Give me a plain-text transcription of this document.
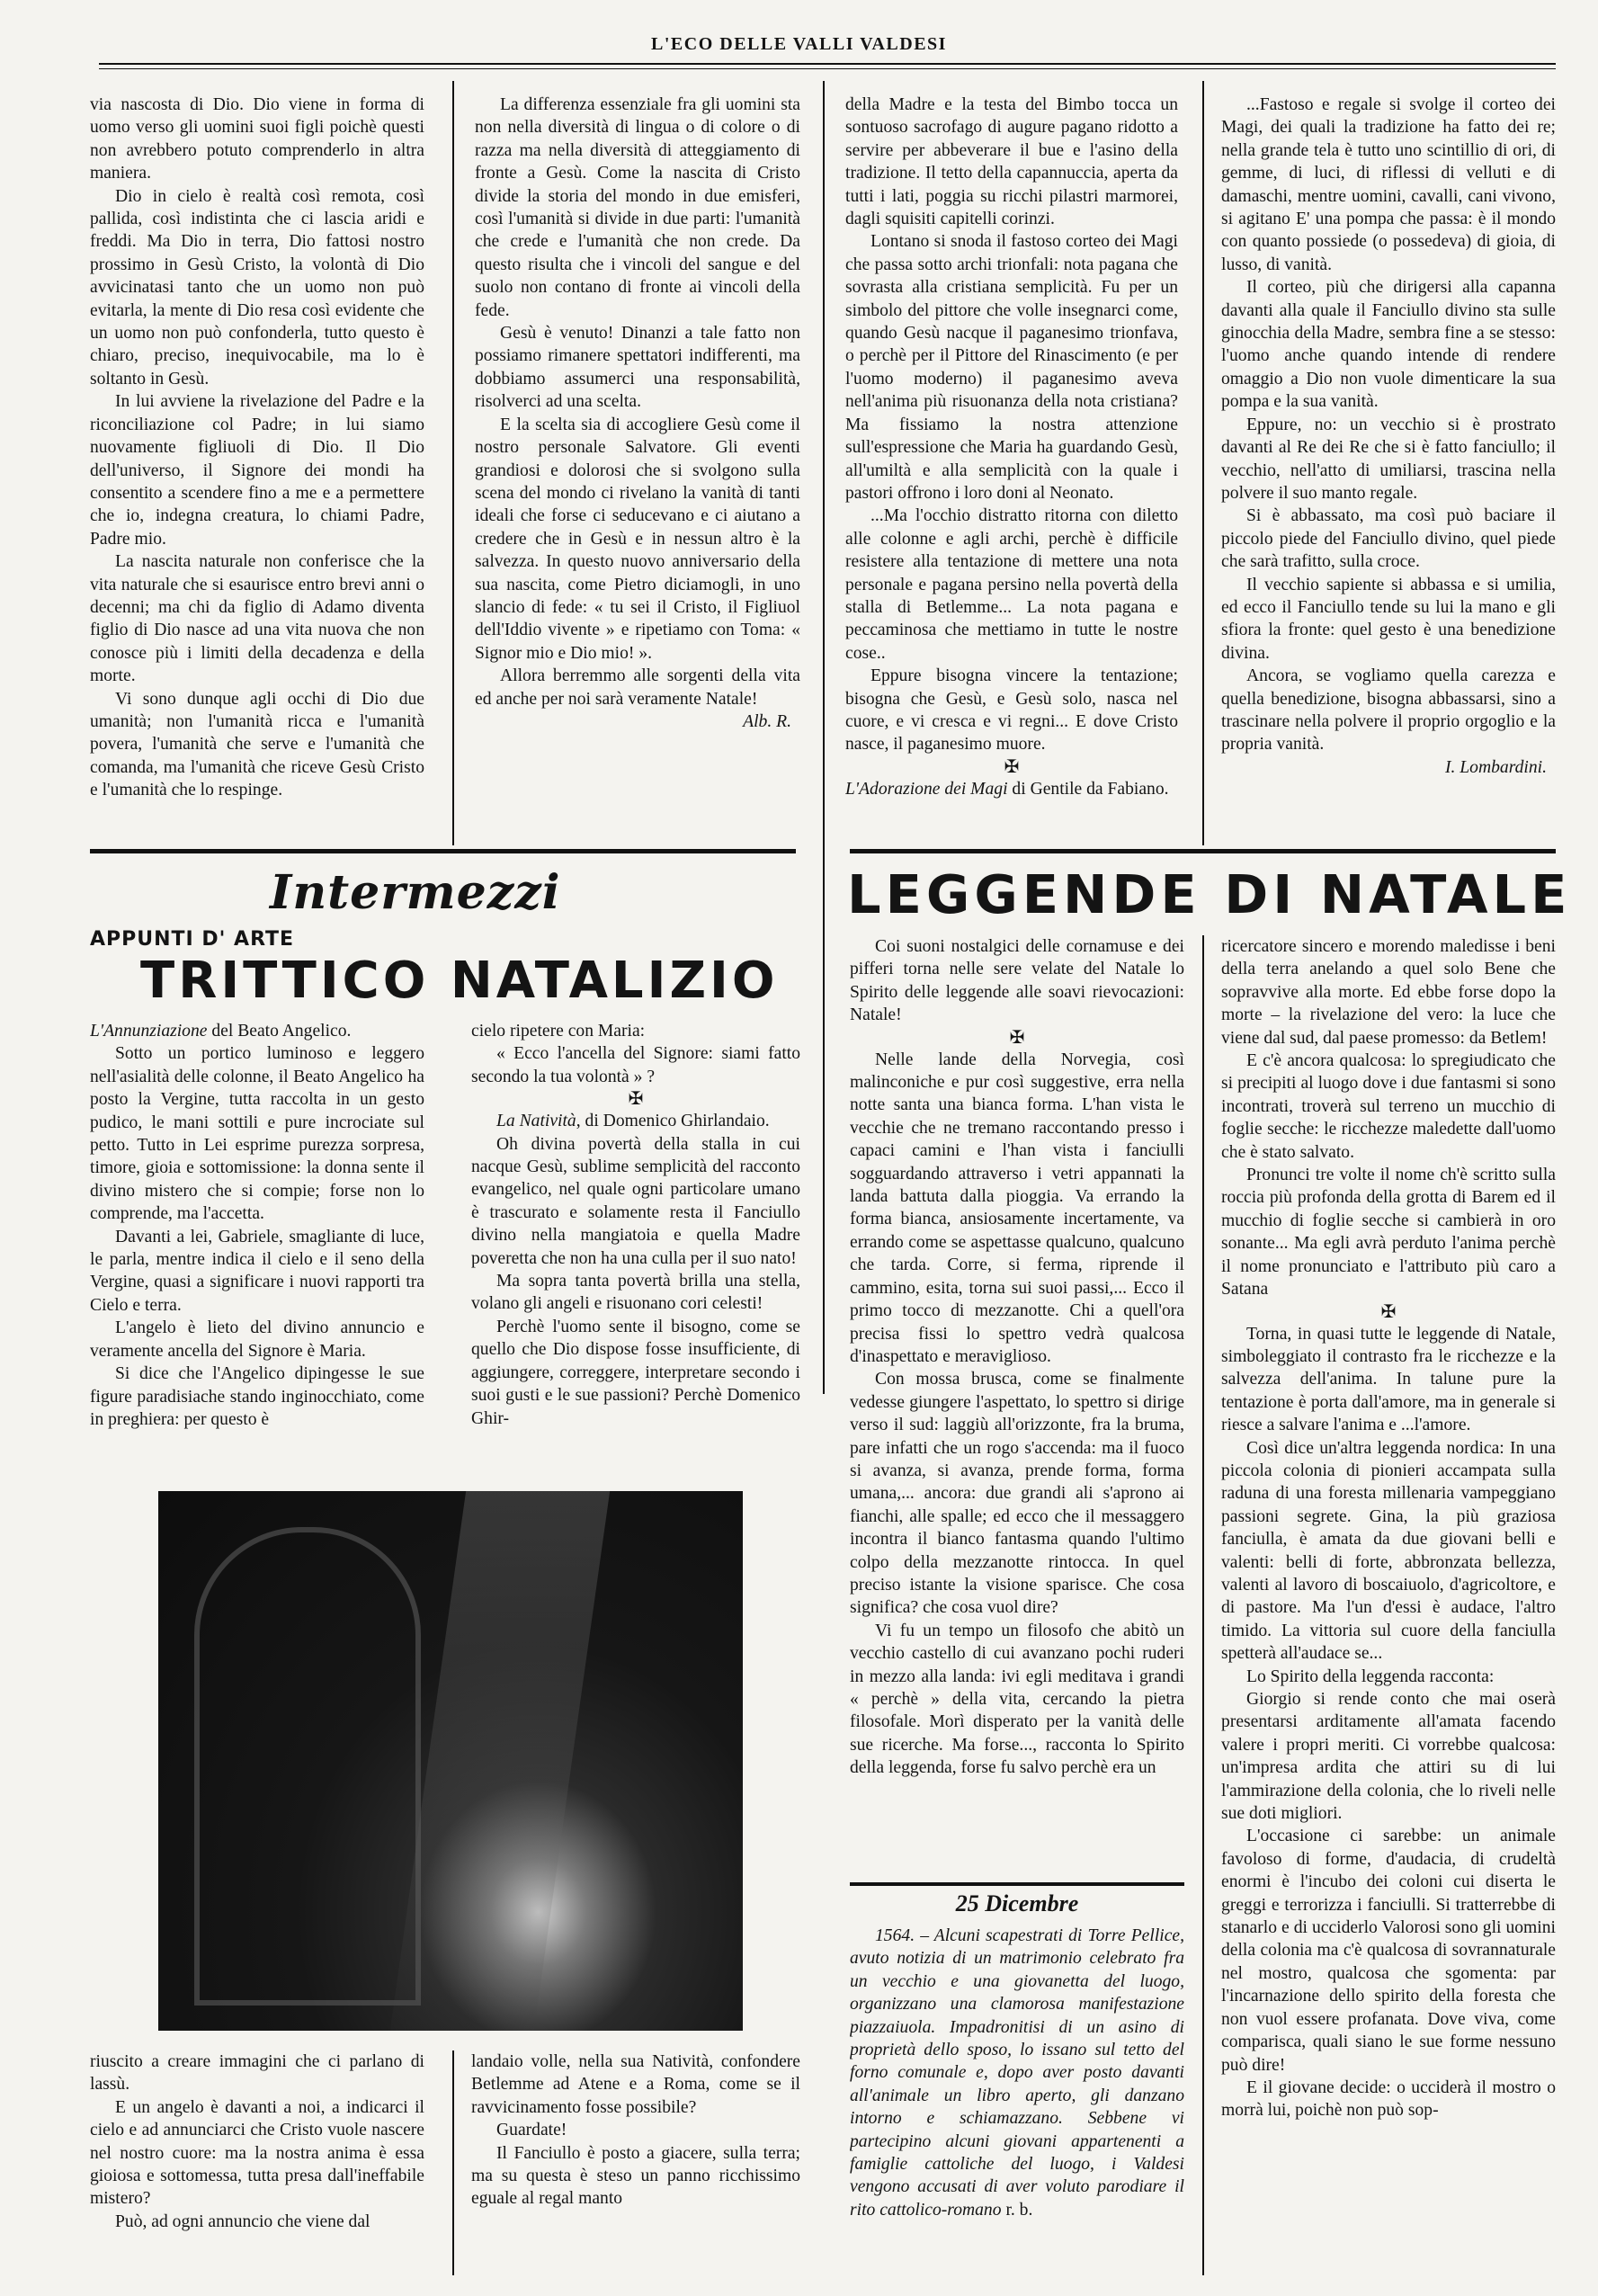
L'ECO DELLE VALLI VALDESI

via nascosta di Dio. Dio viene in forma di uomo verso gli uomini suoi figli poichè questi non avrebbero potuto comprenderlo in altra maniera.

Dio in cielo è realtà così remota, così pallida, così indistinta che ci lascia aridi e freddi. Ma Dio in terra, Dio fattosi nostro prossimo in Gesù Cristo, la volontà di Dio avvicinatasi tanto che un uomo non può evitarla, la mente di Dio resa così evidente che un uomo non può confonderla, tutto questo è chiaro, preciso, inequivocabile, ma lo è soltanto in Gesù.

In lui avviene la rivelazione del Padre e la riconciliazione col Padre; in lui siamo nuovamente figliuoli di Dio. Il Dio dell'universo, il Signore dei mondi ha consentito a scendere fino a me e a permettere che io, indegna creatura, lo chiami Padre, Padre mio.

La nascita naturale non conferisce che la vita naturale che si esaurisce entro brevi anni o decenni; ma chi da figlio di Adamo diventa figlio di Dio nasce ad una vita nuova che non conosce più i limiti della decadenza e della morte.

Vi sono dunque agli occhi di Dio due umanità; non l'umanità ricca e l'umanità povera, l'umanità che serve e l'umanità che comanda, ma l'umanità che riceve Gesù Cristo e l'umanità che lo respinge.

La differenza essenziale fra gli uomini sta non nella diversità di lingua o di colore o di razza ma nella diversità di atteggiamento di fronte a Gesù. Come la nascita di Cristo divide la storia del mondo in due emisferi, così l'umanità si divide in due parti: l'umanità che crede e l'umanità che non crede. Da questo risulta che i vincoli del sangue e del suolo non contano di fronte ai vincoli della fede.

Gesù è venuto! Dinanzi a tale fatto non possiamo rimanere spettatori indifferenti, ma dobbiamo assumerci una responsabilità, risolverci ad una scelta.

E la scelta sia di accogliere Gesù come il nostro personale Salvatore. Gli eventi grandiosi e dolorosi che si svolgono sulla scena del mondo ci rivelano la vanità di tanti ideali che forse ci seducevano e ci aiutano a credere che in Gesù e in nessun altro è la salvezza. In questo nuovo anniversario della sua nascita, come Pietro diciamogli, in uno slancio di fede: « tu sei il Cristo, il Figliuol dell'Iddio vivente » e ripetiamo con Toma: « Signor mio e Dio mio! ».

Allora berremmo alle sorgenti della vita ed anche per noi sarà veramente Natale!

Alb. R.

della Madre e la testa del Bimbo tocca un sontuoso sacrofago di augure pagano ridotto a servire per abbeverare il bue e l'asino della tradizione. Il tetto della capannuccia, aperta da tutti i lati, poggia su ricchi pilastri marmorei, dagli squisiti capitelli corinzi.

Lontano si snoda il fastoso corteo dei Magi che passa sotto archi trionfali: nota pagana che sovrasta alla cristiana semplicità. Fu per un simbolo del pittore che volle insegnarci come, quando Gesù nacque il paganesimo trionfava, o perchè per il Pittore del Rinascimento (e per l'uomo moderno) il paganesimo aveva nell'anima più risuonanza della nota cristiana? Ma fissiamo la nostra attenzione sull'espressione che Maria ha guardando Gesù, all'umiltà e alla semplicità con la quale i pastori offrono i loro doni al Neonato.

...Ma l'occhio distratto ritorna con diletto alle colonne e agli archi, perchè è difficile resistere alla tentazione di mettere una nota personale e pagana persino nella povertà della stalla di Betlemme... La nota pagana e peccaminosa che mettiamo in tutte le nostre cose..

Eppure bisogna vincere la tentazione; bisogna che Gesù, e Gesù solo, nasca nel cuore, e vi cresca e vi regni... E dove Cristo nasce, il paganesimo muore.

✠

L'Adorazione dei Magi di Gentile da Fabiano.

...Fastoso e regale si svolge il corteo dei Magi, dei quali la tradizione ha fatto dei re; nella grande tela è tutto uno scintillio di ori, di gemme, di luci, di riflessi di velluti e di damaschi, mentre uomini, cavalli, cani vivono, si agitano E' una pompa che passa: è il mondo con quanto possiede (o possedeva) di gioia, di lusso, di vanità.

Il corteo, più che dirigersi alla capanna davanti alla quale il Fanciullo divino sta sulle ginocchia della Madre, sembra fine a se stesso: l'uomo anche quando intende di rendere omaggio a Dio non vuole dimenticare la sua pompa e la sua vanità.

Eppure, no: un vecchio si è prostrato davanti al Re dei Re che si è fatto fanciullo; il vecchio, nell'atto di umiliarsi, trascina nella polvere il suo manto regale.

Si è abbassato, ma così può baciare il piccolo piede del Fanciullo divino, quel piede che sarà trafitto, sulla croce.

Il vecchio sapiente si abbassa e si umilia, ed ecco il Fanciullo tende su lui la mano e gli sfiora la fronte: quel gesto è una benedizione divina.

Ancora, se vogliamo quella carezza e quella benedizione, bisogna abbassarsi, sino a trascinare nella polvere il proprio orgoglio e la propria vanità.

I. Lombardini.

Intermezzi
APPUNTI D' ARTE
TRITTICO NATALIZIO

L'Annunziazione del Beato Angelico.

Sotto un portico luminoso e leggero nell'asialità delle colonne, il Beato Angelico ha posto la Vergine, tutta raccolta in un gesto pudico, le mani sottili e pure incrociate sul petto. Tutto in Lei esprime purezza sorpresa, timore, gioia e sottomissione: la donna sente il divino mistero che si compie; forse non lo comprende, ma l'accetta.

Davanti a lei, Gabriele, smagliante di luce, le parla, mentre indica il cielo e il seno della Vergine, quasi a significare i nuovi rapporti tra Cielo e terra.

L'angelo è lieto del divino annuncio e veramente ancella del Signore è Maria.

Si dice che l'Angelico dipingesse le sue figure paradisiache stando inginocchiato, come in preghiera: per questo è

cielo ripetere con Maria:

« Ecco l'ancella del Signore: siami fatto secondo la tua volontà » ?

✠

La Natività, di Domenico Ghirlandaio.

Oh divina povertà della stalla in cui nacque Gesù, sublime semplicità del racconto evangelico, nel quale ogni particolare umano è trascurato e solamente resta il Fanciullo divino nella mangiatoia e quella Madre poveretta che non ha una culla per il suo nato!

Ma sopra tanta povertà brilla una stella, volano gli angeli e risuonano cori celesti!

Perchè l'uomo sente il bisogno, come se quello che Dio dispose fosse insufficiente, di aggiungere, correggere, interpretare secondo i suoi gusti e le sue passioni? Perchè Domenico Ghir-

riuscito a creare immagini che ci parlano di lassù.

E un angelo è davanti a noi, a indicarci il cielo e ad annunciarci che Cristo vuole nascere nel nostro cuore: ma la nostra anima è essa gioiosa e sottomessa, tutta presa dall'ineffabile mistero?

Può, ad ogni annuncio che viene dal

landaio volle, nella sua Natività, confondere Betlemme ad Atene e a Roma, come se il ravvicinamento fosse possibile?

Guardate!

Il Fanciullo è posto a giacere, sulla terra; ma su questa è steso un panno ricchissimo eguale al regal manto

LEGGENDE DI NATALE

Coi suoni nostalgici delle cornamuse e dei pifferi torna nelle sere velate del Natale lo Spirito delle leggende alle soavi rievocazioni: Natale!

✠

Nelle lande della Norvegia, così malinconiche e pur così suggestive, erra nella notte santa una bianca forma. L'han vista le vecchie che ne tremano raccontando presso i capaci camini e l'han vista i fanciulli sogguardando attraverso i vetri appannati la landa battuta dalla pioggia. Va errando la forma bianca, ansiosamente incertamente, va errando come se aspettasse qualcuno, qualcuno che tarda. Corre, si ferma, riprende il cammino, esita, torna sui suoi passi,... Ecco il primo tocco di mezzanotte. Chi a quell'ora precisa fissi lo spettro vedrà qualcosa d'inaspettato e meraviglioso.

Con mossa brusca, come se finalmente vedesse giungere l'aspettato, lo spettro si dirige verso il sud: laggiù all'orizzonte, fra la bruma, pare infatti che un rogo s'accenda: ma il fuoco si avanza, si avanza, prende forma, forma umana,... ancora: due grandi ali s'aprono ai fianchi, alle spalle; ed ecco che il messaggero incontra il bianco fantasma quando l'ultimo colpo della mezzanotte rintocca. In quel preciso istante la visione sparisce. Che cosa significa? che cosa vuol dire?

Vi fu un tempo un filosofo che abitò un vecchio castello di cui avanzano pochi ruderi in mezzo alla landa: ivi egli meditava i grandi « perchè » della vita, cercando la pietra filosofale. Morì disperato per la vanità delle sue ricerche. Ma forse..., racconta lo Spirito della leggenda, forse fu salvo perchè era un

25 Dicembre

1564. – Alcuni scapestrati di Torre Pellice, avuto notizia di un matrimonio celebrato fra un vecchio e una giovanetta del luogo, organizzano una clamorosa manifestazione piazzaiuola. Impadronitisi di un asino di proprietà dello sposo, lo issano sul tetto del forno comunale e, dopo aver posto davanti all'animale un libro aperto, gli danzano intorno e schiamazzano. Sebbene vi partecipino alcuni giovani appartenenti a famiglie cattoliche del luogo, i Valdesi vengono accusati di aver voluto parodiare il rito cattolico-romano r. b.

ricercatore sincero e morendo maledisse i beni della terra anelando a quel solo Bene che sopravvive alla morte. Ed ebbe forse dopo la morte – la rivelazione del vero: la luce che viene dal sud, dal paese promesso: da Betlem!

E c'è ancora qualcosa: lo spregiudicato che si precipiti al luogo dove i due fantasmi si sono incontrati, troverà sul terreno un mucchio di foglie secche: le ricchezze maledette dall'uomo che è stato salvato.

Pronunci tre volte il nome ch'è scritto sulla roccia più profonda della grotta di Barem ed il mucchio di foglie secche si cambierà in oro sonante... Ma egli avrà perduto l'anima perchè il nome pronunciato e l'attributo più caro a Satana

✠

Torna, in quasi tutte le leggende di Natale, simboleggiato il contrasto fra le ricchezze e la salvezza dell'anima. In talune pure la tentazione è porta dall'amore, ma in generale si riesce a salvare l'anima e ...l'amore.

Così dice un'altra leggenda nordica: In una piccola colonia di pionieri accampata sulla raduna di una foresta millenaria vampeggiano passioni segrete. Gina, la più graziosa fanciulla, è amata da due giovani belli e valenti: belli di forte, abbronzata bellezza, valenti al lavoro di boscaiuolo, d'agricoltore, e di pastore. Ma l'un d'essi è audace, l'altro timido. La vittoria sul cuore della fanciulla spetterà all'audace se...

Lo Spirito della leggenda racconta:

Giorgio si rende conto che mai oserà presentarsi arditamente all'amata facendo valere i propri meriti. Ci vorrebbe qualcosa: un'impresa ardita che attiri su di lui l'ammirazione della colonia, che lo riveli nelle sue doti migliori.

L'occasione ci sarebbe: un animale favoloso di forme, d'audacia, di crudeltà enormi è l'incubo dei coloni cui diserta le greggi e terrorizza i fanciulli. Si tratterrebbe di stanarlo e di ucciderlo Valorosi sono gli uomini della colonia ma c'è qualcosa di sovrannaturale nel mostro, qualcosa che sgomenta: par l'incarnazione dello spirito della foresta che non vuol essere profanata. Dove viva, come comparisca, quali siano le sue forme nessuno può dire!

E il giovane decide: o ucciderà il mostro o morrà lui, poichè non può sop-
